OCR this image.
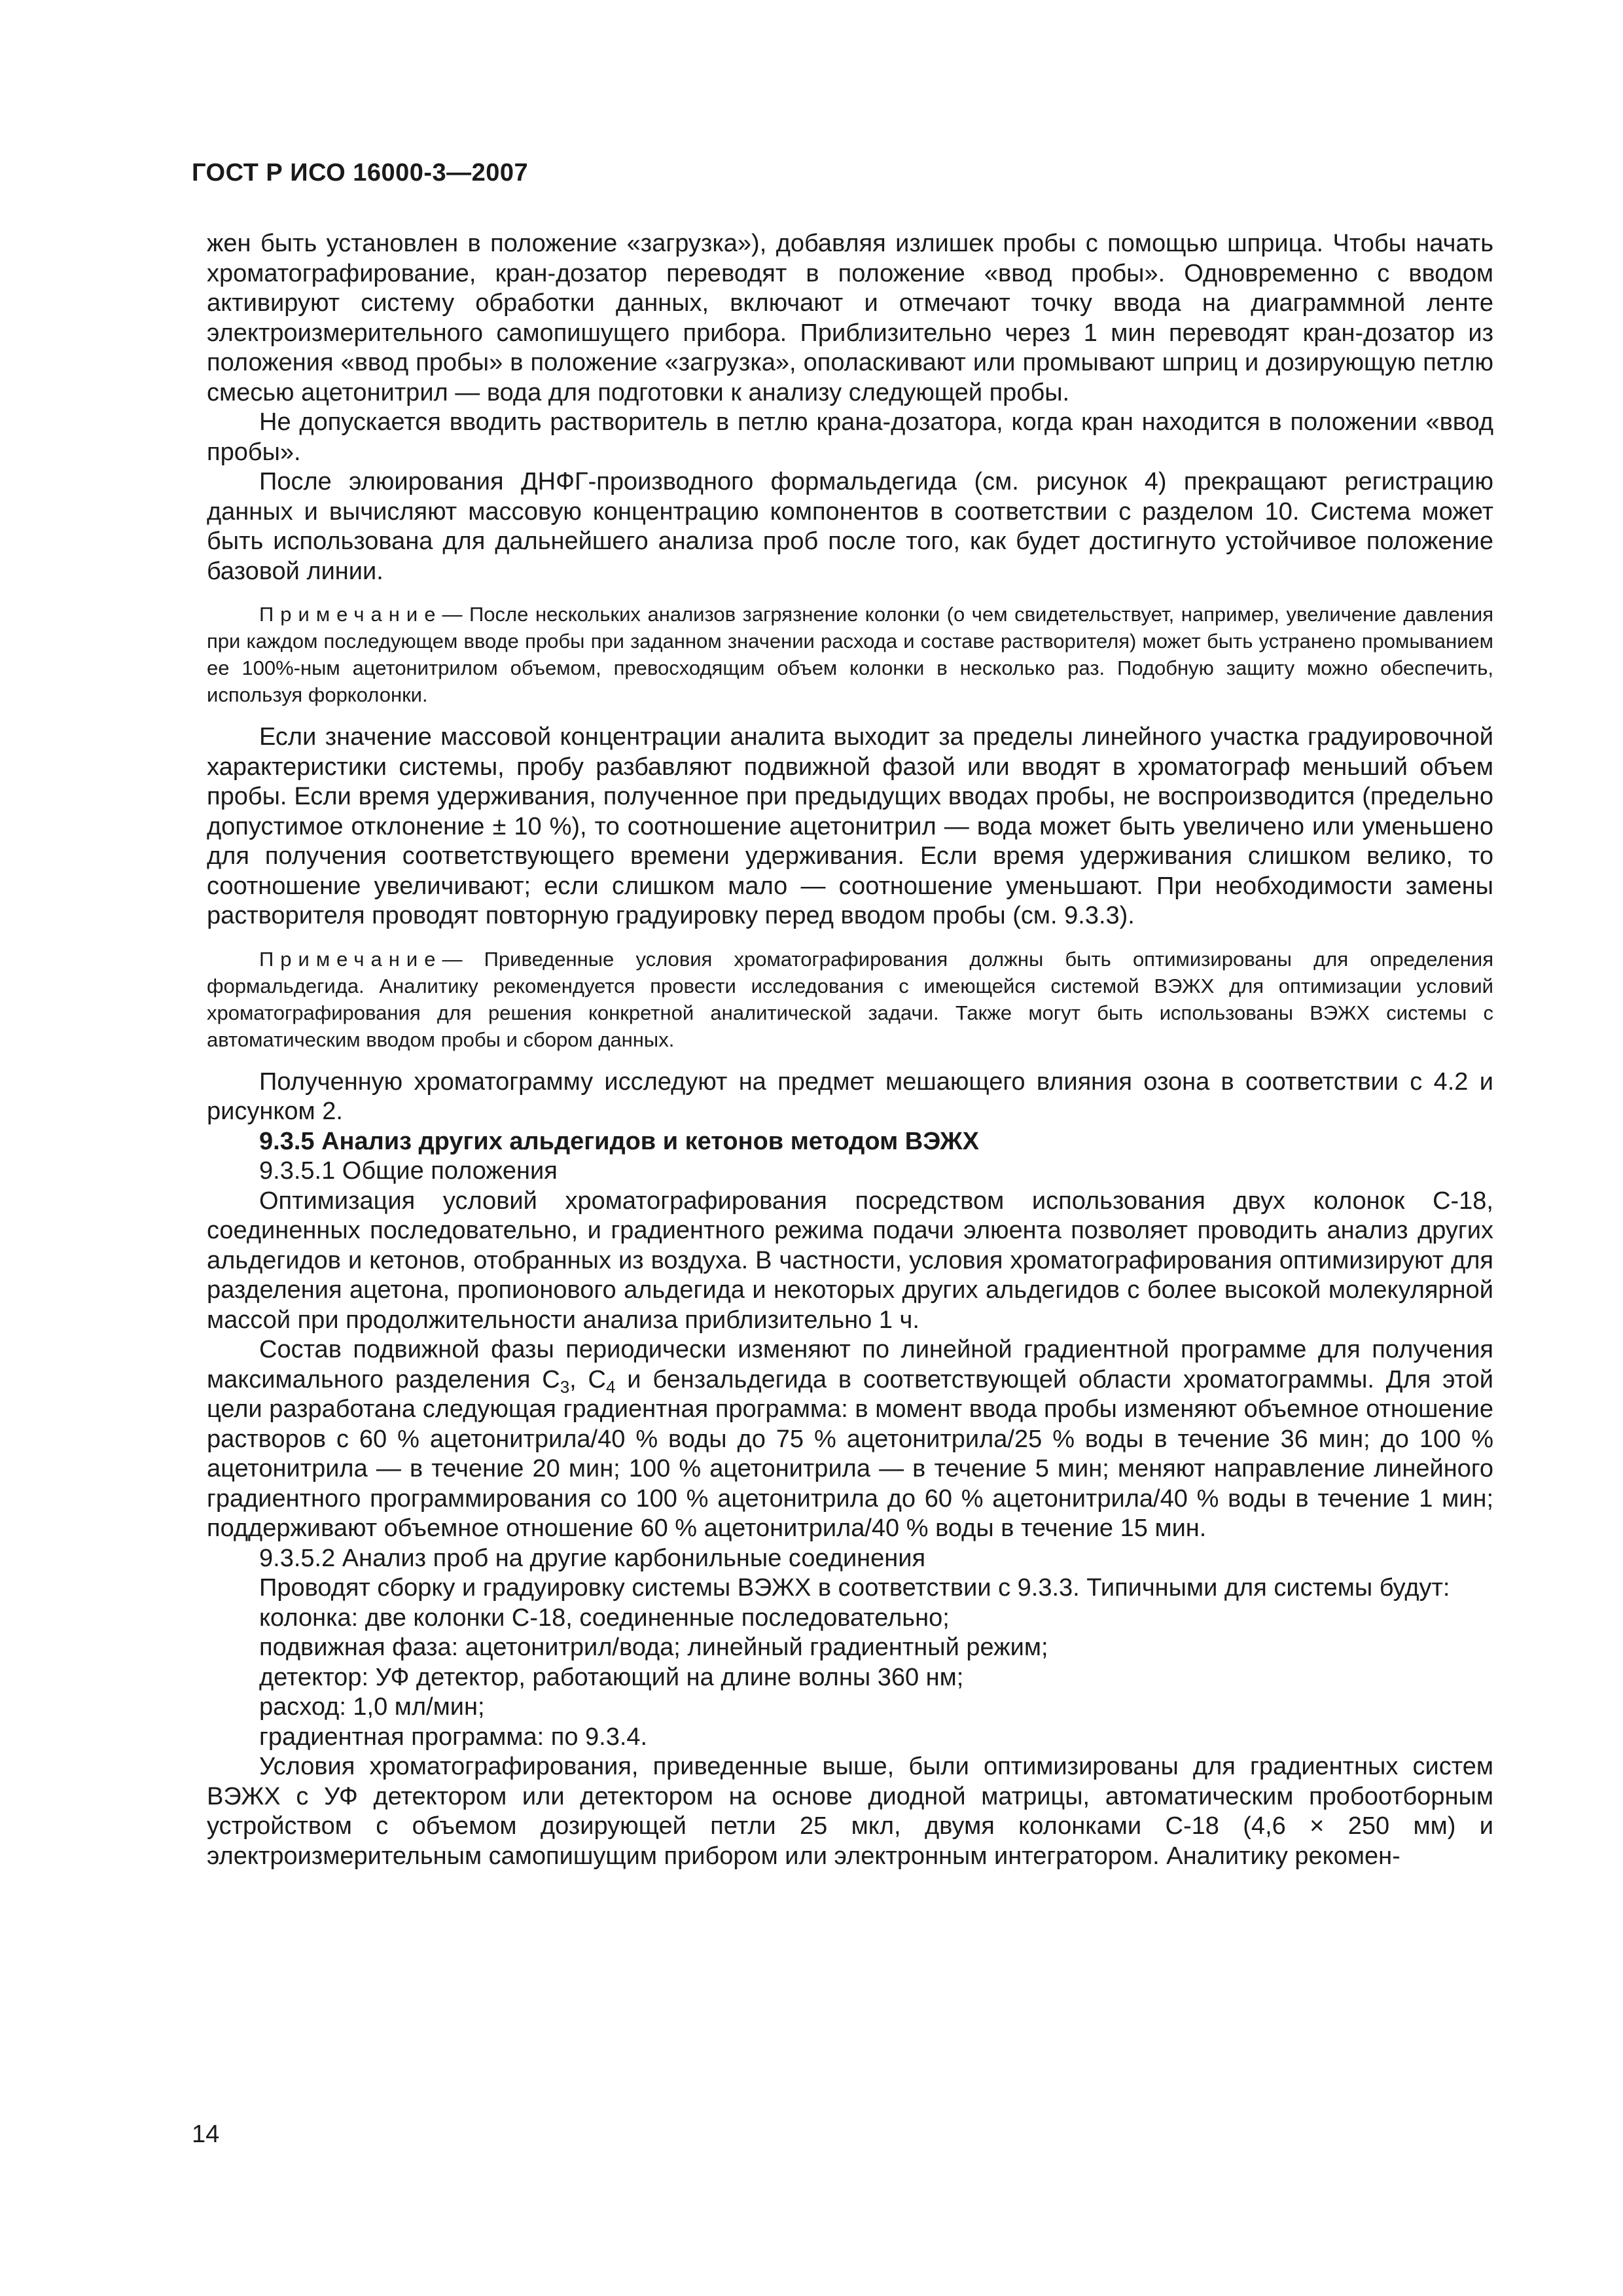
ГОСТ Р ИСО 16000-3—2007

жен быть установлен в положение «загрузка»), добавляя излишек пробы с помощью шприца. Чтобы начать хроматографирование, кран-дозатор переводят в положение «ввод пробы». Одновременно с вводом активируют систему обработки данных, включают и отмечают точку ввода на диаграммной ленте электроизмерительного самопишущего прибора. Приблизительно через 1 мин переводят кран-дозатор из положения «ввод пробы» в положение «загрузка», ополаскивают или промывают шприц и дозирующую петлю смесью ацетонитрил — вода для подготовки к анализу следующей пробы.

Не допускается вводить растворитель в петлю крана-дозатора, когда кран находится в положении «ввод пробы».

После элюирования ДНФГ-производного формальдегида (см. рисунок 4) прекращают регистрацию данных и вычисляют массовую концентрацию компонентов в соответствии с разделом 10. Система может быть использована для дальнейшего анализа проб после того, как будет достигнуто устойчивое положение базовой линии.

Примечание— После нескольких анализов загрязнение колонки (о чем свидетельствует, например, увеличение давления при каждом последующем вводе пробы при заданном значении расхода и составе растворителя) может быть устранено промыванием ее 100%-ным ацетонитрилом объемом, превосходящим объем колонки в несколько раз. Подобную защиту можно обеспечить, используя форколонки.

Если значение массовой концентрации аналита выходит за пределы линейного участка градуировочной характеристики системы, пробу разбавляют подвижной фазой или вводят в хроматограф меньший объем пробы. Если время удерживания, полученное при предыдущих вводах пробы, не воспроизводится (предельно допустимое отклонение ± 10 %), то соотношение ацетонитрил — вода может быть увеличено или уменьшено для получения соответствующего времени удерживания. Если время удерживания слишком велико, то соотношение увеличивают; если слишком мало — соотношение уменьшают. При необходимости замены растворителя проводят повторную градуировку перед вводом пробы (см. 9.3.3).

Примечание— Приведенные условия хроматографирования должны быть оптимизированы для определения формальдегида. Аналитику рекомендуется провести исследования с имеющейся системой ВЭЖХ для оптимизации условий хроматографирования для решения конкретной аналитической задачи. Также могут быть использованы ВЭЖХ системы с автоматическим вводом пробы и сбором данных.

Полученную хроматограмму исследуют на предмет мешающего влияния озона в соответствии с 4.2 и рисунком 2.

9.3.5 Анализ других альдегидов и кетонов методом ВЭЖХ

9.3.5.1 Общие положения

Оптимизация условий хроматографирования посредством использования двух колонок С-18, соединенных последовательно, и градиентного режима подачи элюента позволяет проводить анализ других альдегидов и кетонов, отобранных из воздуха. В частности, условия хроматографирования оптимизируют для разделения ацетона, пропионового альдегида и некоторых других альдегидов с более высокой молекулярной массой при продолжительности анализа приблизительно 1 ч.

Состав подвижной фазы периодически изменяют по линейной градиентной программе для получения максимального разделения $С_3$, $С_4$ и бензальдегида в соответствующей области хроматограммы. Для этой цели разработана следующая градиентная программа: в момент ввода пробы изменяют объемное отношение растворов с 60 % ацетонитрила/40 % воды до 75 % ацетонитрила/25 % воды в течение 36 мин; до 100 % ацетонитрила — в течение 20 мин; 100 % ацетонитрила — в течение 5 мин; меняют направление линейного градиентного программирования со 100 % ацетонитрила до 60 % ацетонитрила/40 % воды в течение 1 мин; поддерживают объемное отношение 60 % ацетонитрила/40 % воды в течение 15 мин.

9.3.5.2 Анализ проб на другие карбонильные соединения

Проводят сборку и градуировку системы ВЭЖХ в соответствии с 9.3.3. Типичными для системы будут:

колонка: две колонки С-18, соединенные последовательно;

подвижная фаза: ацетонитрил/вода; линейный градиентный режим;

детектор: УФ детектор, работающий на длине волны 360 нм;

расход: 1,0 мл/мин;

градиентная программа: по 9.3.4.

Условия хроматографирования, приведенные выше, были оптимизированы для градиентных систем ВЭЖХ с УФ детектором или детектором на основе диодной матрицы, автоматическим пробоотборным устройством с объемом дозирующей петли 25 мкл, двумя колонками С-18 (4,6 × 250 мм) и электроизмерительным самопишущим прибором или электронным интегратором. Аналитику рекомен-

14
